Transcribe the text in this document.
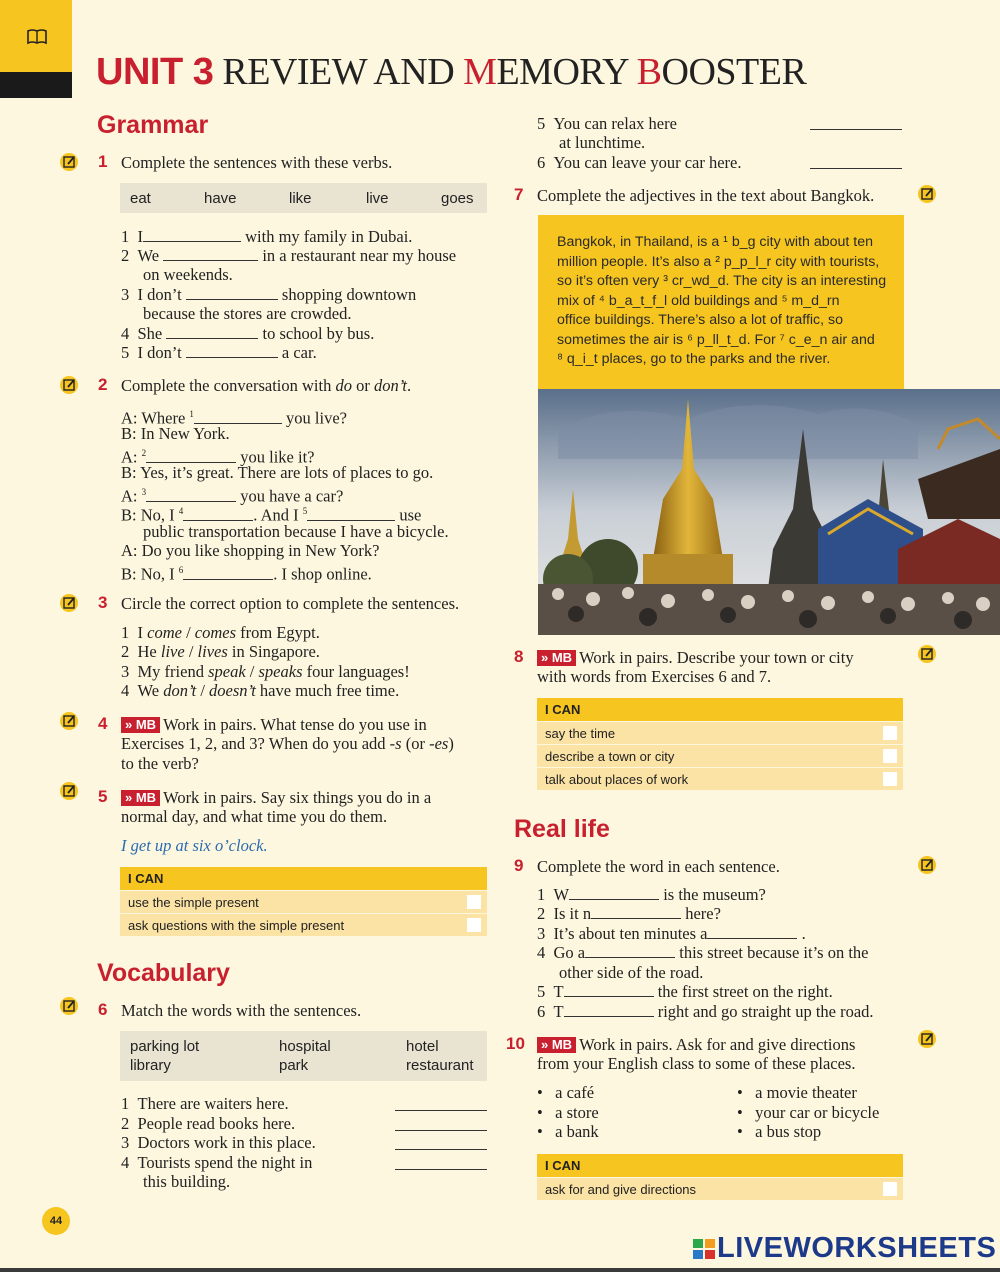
UNIT 3 REVIEW AND MEMORY BOOSTER
Grammar
1 Complete the sentences with these verbs.
eat	have	like	live	goes
1 I	with my family in Dubai.
2 We	in a restaurant near my house
on weekends.
3 I don’t	shopping downtown
because the stores are crowded.
4 She	to school by bus.
5 I don’t	a car.
2 Complete the conversation with do or don’t.
A: Where $^1$	you live?
B: In New York.
A: $^2$	you like it?
B: Yes, it’s great. There are lots of places to go.
A: $^3$	you have a car?
B: No, I $^4$	. And I $^5$	use
public transportation because I have a bicycle.
A: Do you like shopping in New York?
B: No, I $^6$	. I shop online.
3 Circle the correct option to complete the sentences.
1 I come / comes from Egypt.
2 He live / lives in Singapore.
3 My friend speak / speaks four languages!
4 We don’t / doesn’t have much free time.
4	» MB Work in pairs. What tense do you use in
Exercises 1, 2, and 3? When do you add -s (or -es)
to the verb?
5	» MB Work in pairs. Say six things you do in a
normal day, and what time you do them.
I get up at six o’clock.
I CAN
use the simple present
ask questions with the simple present
Vocabulary
6 Match the words with the sentences.
parking lot	hospital	hotel
library	park	restaurant
1 There are waiters here.
2 People read books here.
3 Doctors work in this place.
4 Tourists spend the night in
this building.
5 You can relax here
at lunchtime.
6 You can leave your car here.
7 Complete the adjectives in the text about Bangkok.
Bangkok, in Thailand, is a ¹ b_g city with about ten
million people. It’s also a ² p_p_l_r city with tourists,
so it’s often very ³ cr_wd_d. The city is an interesting
mix of ⁴ b_a_t_f_l old buildings and ⁵ m_d_rn
office buildings. There’s also a lot of traffic, so
sometimes the air is ⁶ p_ll_t_d. For ⁷ c_e_n air and
⁸ q_i_t places, go to the parks and the river.
8	» MB Work in pairs. Describe your town or city
with words from Exercises 6 and 7.
I CAN
say the time
describe a town or city
talk about places of work
Real life
9 Complete the word in each sentence.
1 W	is the museum?
2 Is it n	here?
3 It’s about ten minutes a	.
4 Go a	this street because it’s on the
other side of the road.
5 T	the first street on the right.
6 T	right and go straight up the road.
10	» MB Work in pairs. Ask for and give directions
from your English class to some of these places.
•   a café
•   a store
•   a bank
•   a movie theater
•   your car or bicycle
•   a bus stop
I CAN
ask for and give directions
44
LIVEWORKSHEETS
